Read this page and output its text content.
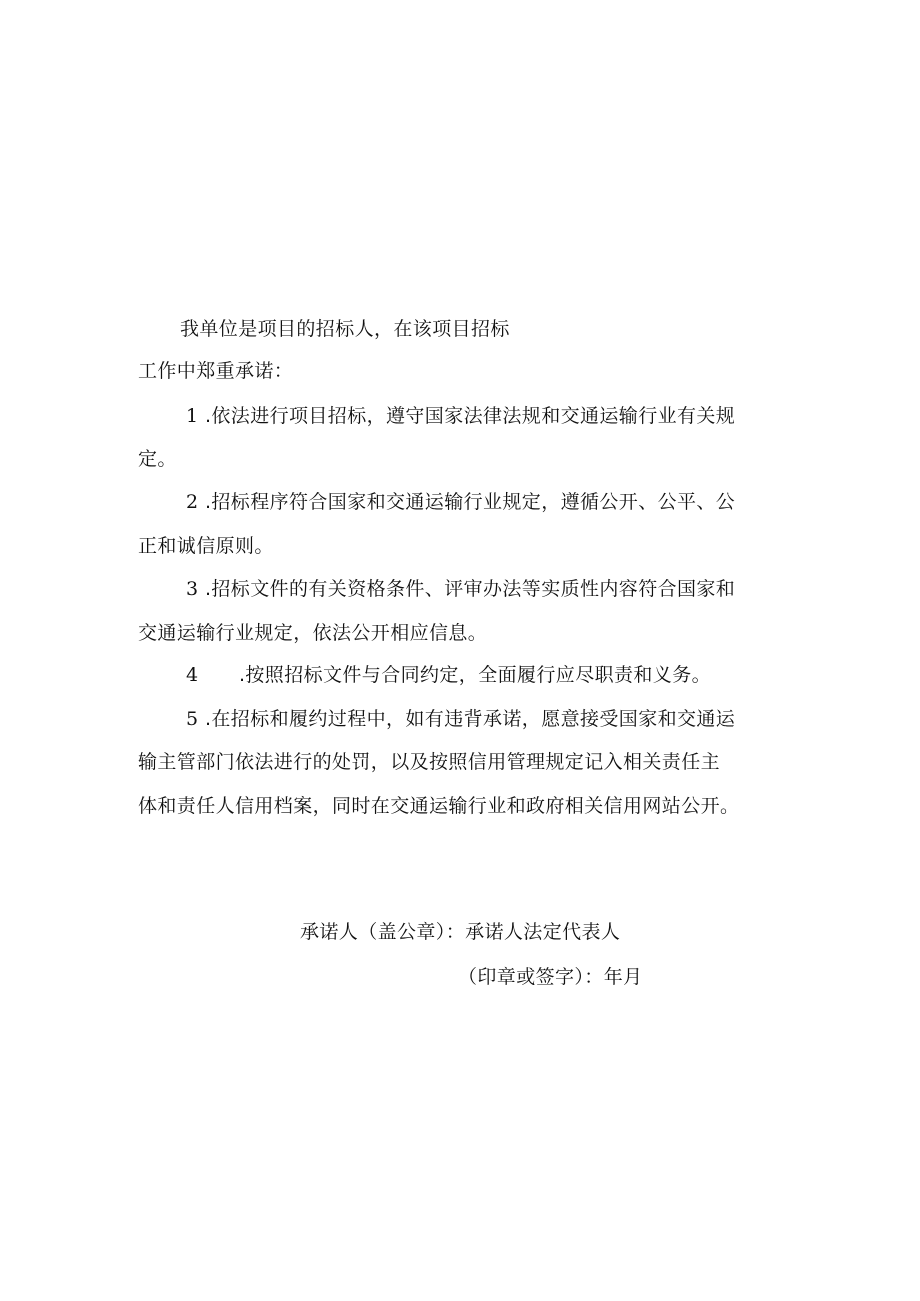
我单位是项目的招标人，在该项目招标
工作中郑重承诺：
1 .依法进行项目招标，遵守国家法律法规和交通运输行业有关规
定。
2 .招标程序符合国家和交通运输行业规定，遵循公开、公平、公
正和诚信原则。
3 .招标文件的有关资格条件、评审办法等实质性内容符合国家和
交通运输行业规定，依法公开相应信息。
4 .按照招标文件与合同约定，全面履行应尽职责和义务。
5 .在招标和履约过程中，如有违背承诺，愿意接受国家和交通运
输主管部门依法进行的处罚，以及按照信用管理规定记入相关责任主
体和责任人信用档案，同时在交通运输行业和政府相关信用网站公开。
承诺人（盖公章）：承诺人法定代表人
（印章或签字）：年月
